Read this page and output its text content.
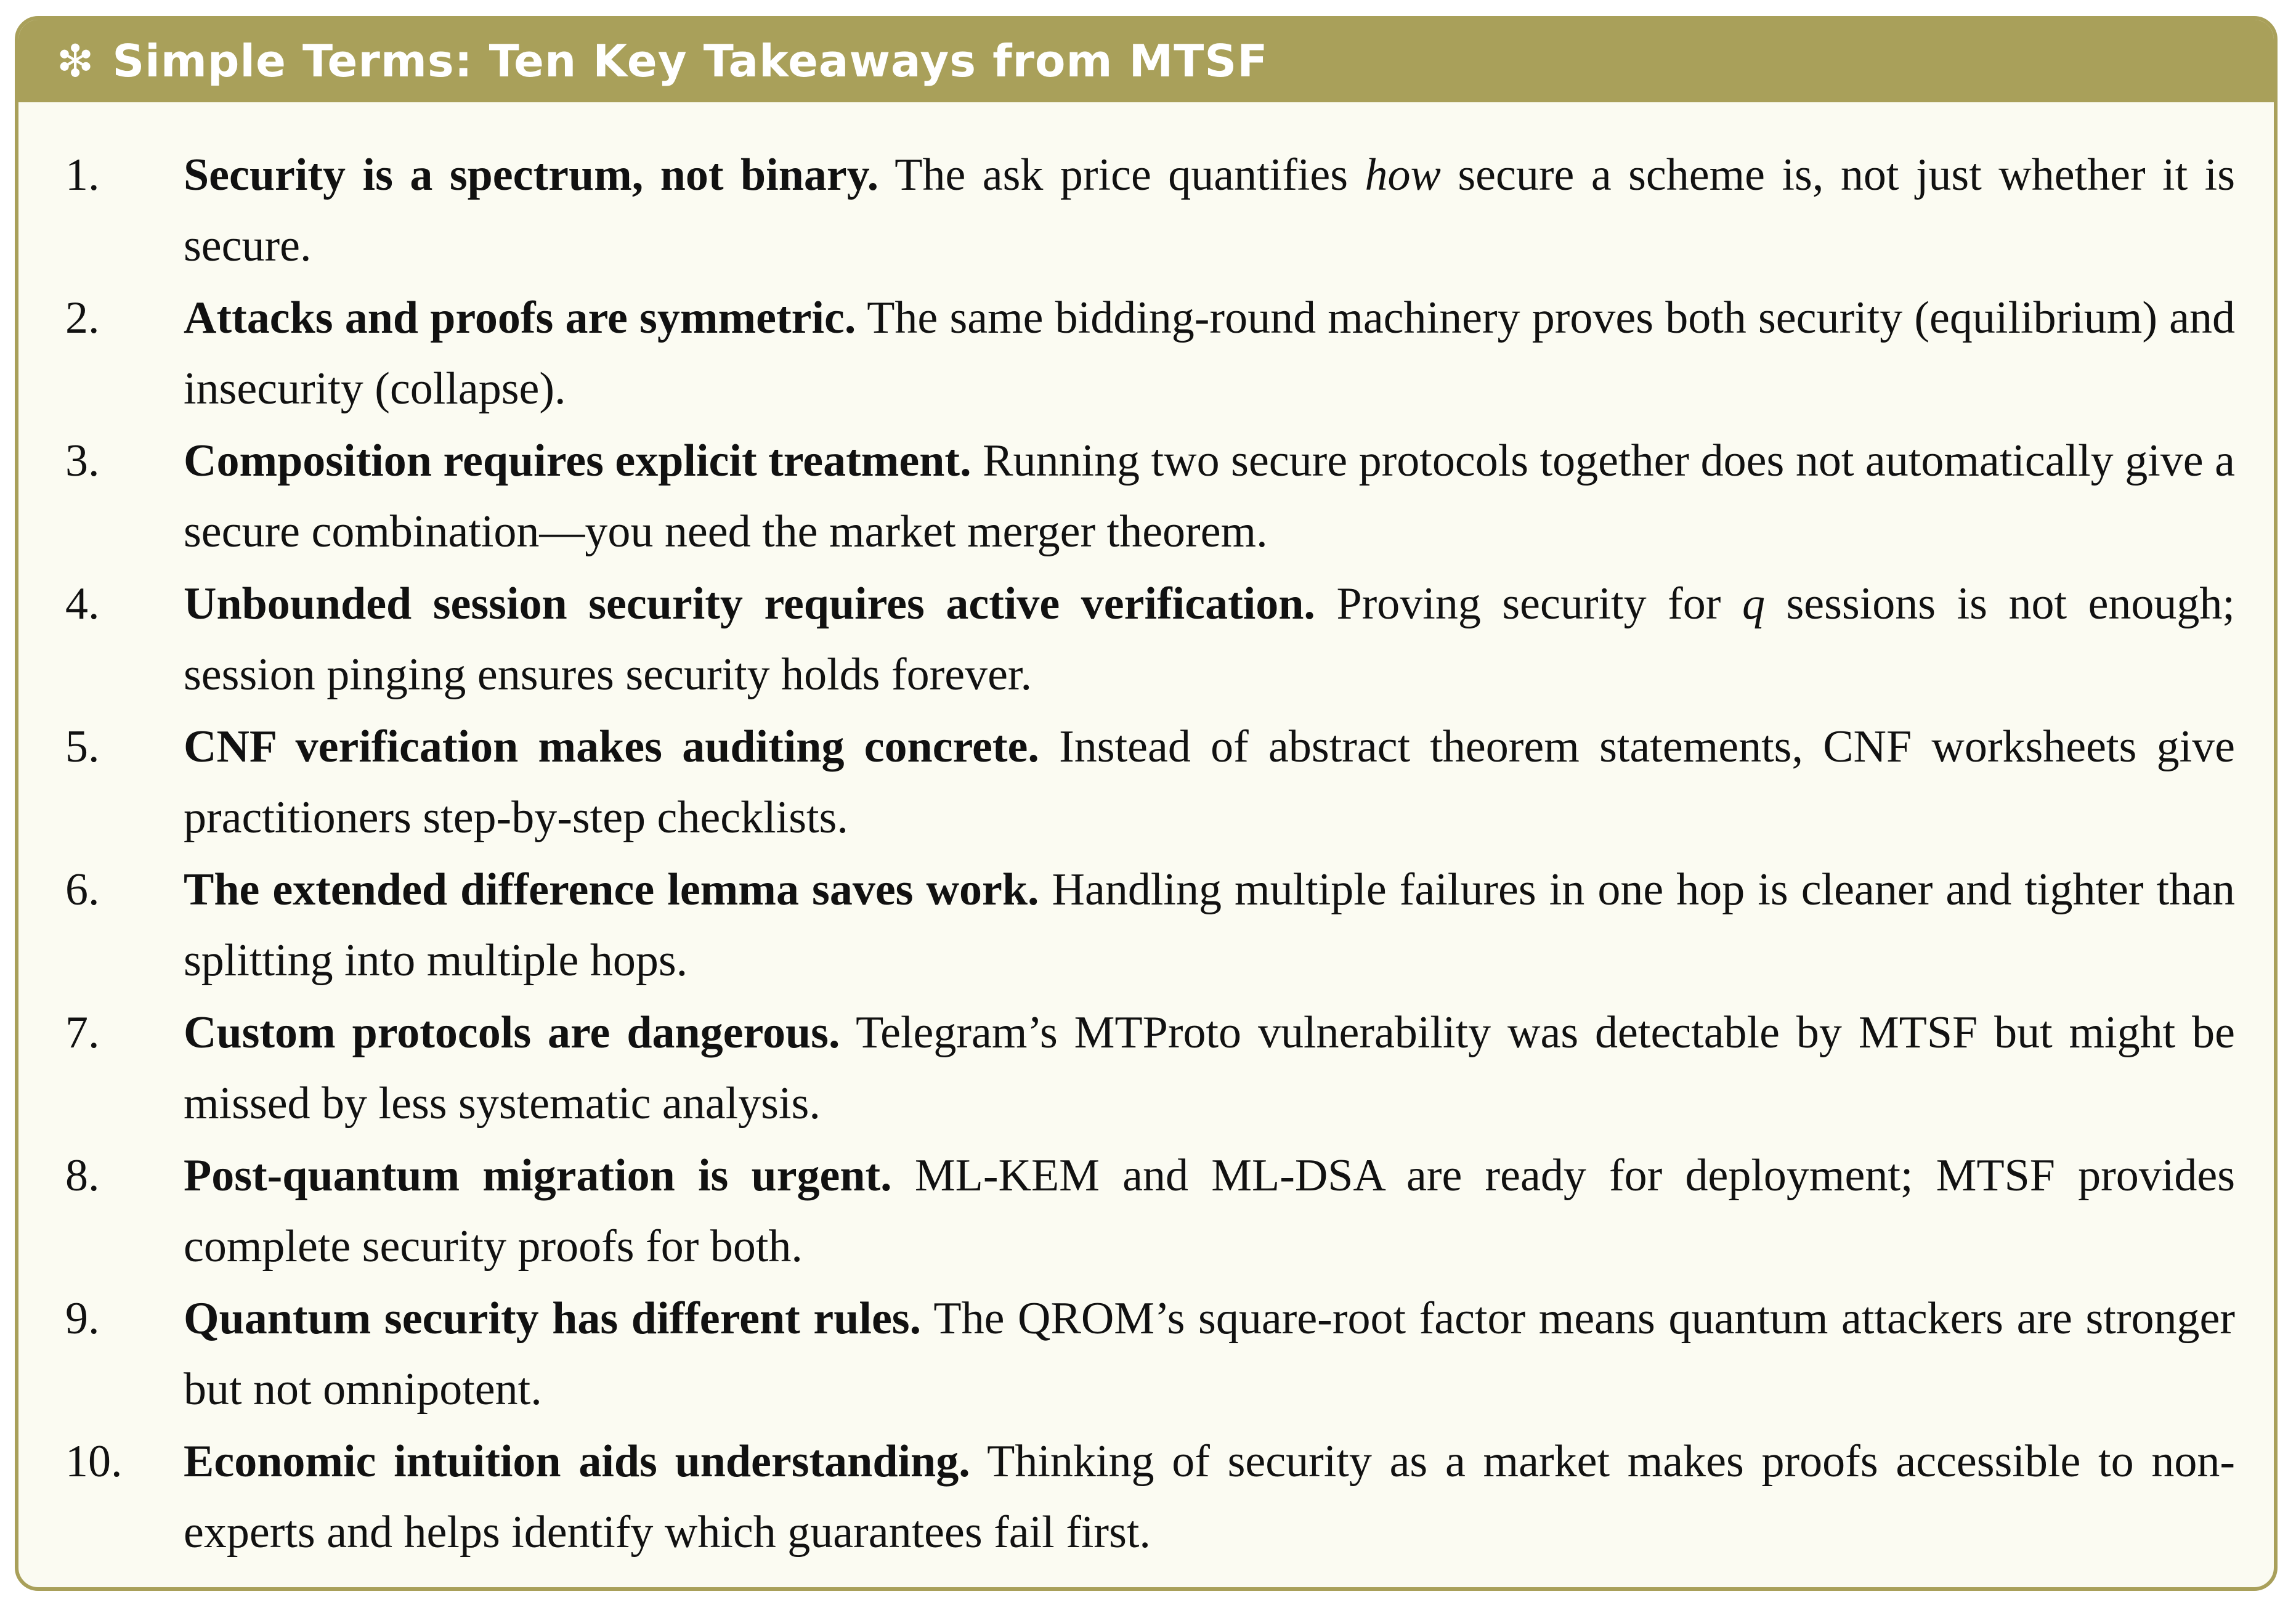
❇ Simple Terms: Ten Key Takeaways from MTSF
1. Security is a spectrum, not binary. The ask price quantifies how secure a scheme is, not just whether it is secure.
2. Attacks and proofs are symmetric. The same bidding-round machinery proves both security (equilibrium) and insecurity (collapse).
3. Composition requires explicit treatment. Running two secure protocols together does not automatically give a secure combination—you need the market merger theorem.
4. Unbounded session security requires active verification. Proving security for q sessions is not enough; session pinging ensures security holds forever.
5. CNF verification makes auditing concrete. Instead of abstract theorem statements, CNF worksheets give practitioners step-by-step checklists.
6. The extended difference lemma saves work. Handling multiple failures in one hop is cleaner and tighter than splitting into multiple hops.
7. Custom protocols are dangerous. Telegram’s MTProto vulnerability was detectable by MTSF but might be missed by less systematic analysis.
8. Post-quantum migration is urgent. ML-KEM and ML-DSA are ready for deployment; MTSF provides complete security proofs for both.
9. Quantum security has different rules. The QROM’s square-root factor means quantum attackers are stronger but not omnipotent.
10. Economic intuition aids understanding. Thinking of security as a market makes proofs accessible to non-experts and helps identify which guarantees fail first.
